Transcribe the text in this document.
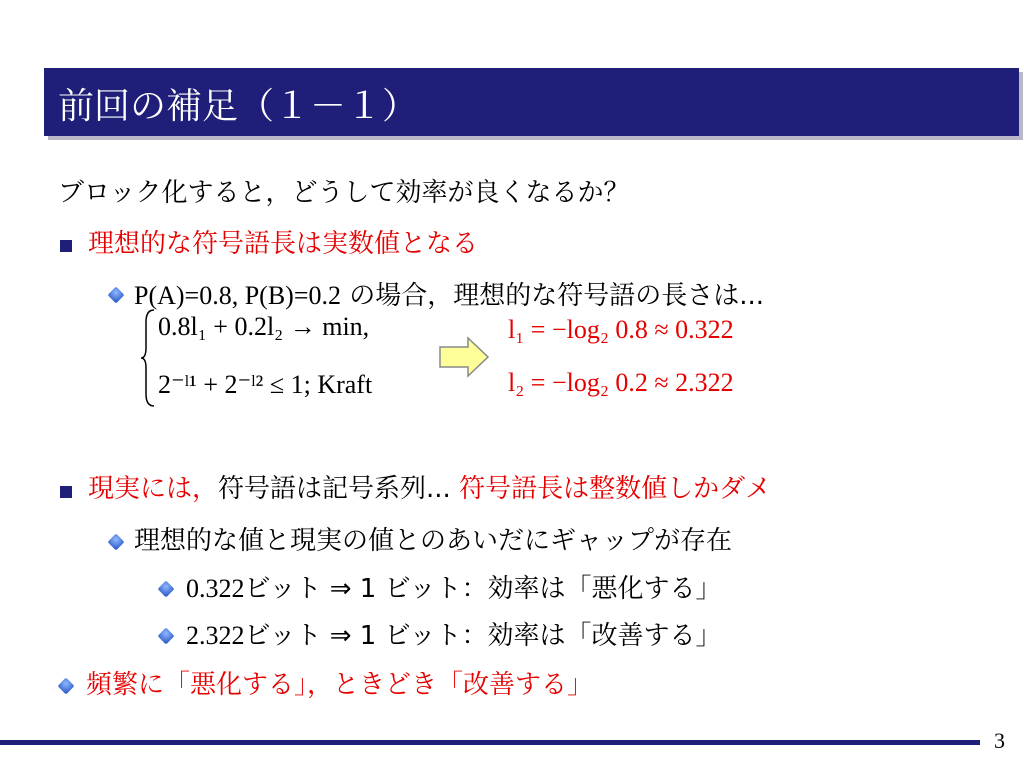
前回の補足（１－１）
ブロック化すると，どうして効率が良くなるか？
理想的な符号語長は実数値となる
P(A)=0.8, P(B)=0.2 の場合，理想的な符号語の長さは...
0.8l₁ + 0.2l₂ → min,
2⁻ˡ¹ + 2⁻ˡ² ≤ 1; Kraft
l₁ = −log₂ 0.8 ≈ 0.322
l₂ = −log₂ 0.2 ≈ 2.322
現実には，符号語は記号系列... 符号語長は整数値しかダメ
理想的な値と現実の値とのあいだにギャップが存在
0.322ビット ⇒ 1 ビット：効率は「悪化する」
2.322ビット ⇒ 1 ビット：効率は「改善する」
頻繁に「悪化する」，ときどき「改善する」
3
